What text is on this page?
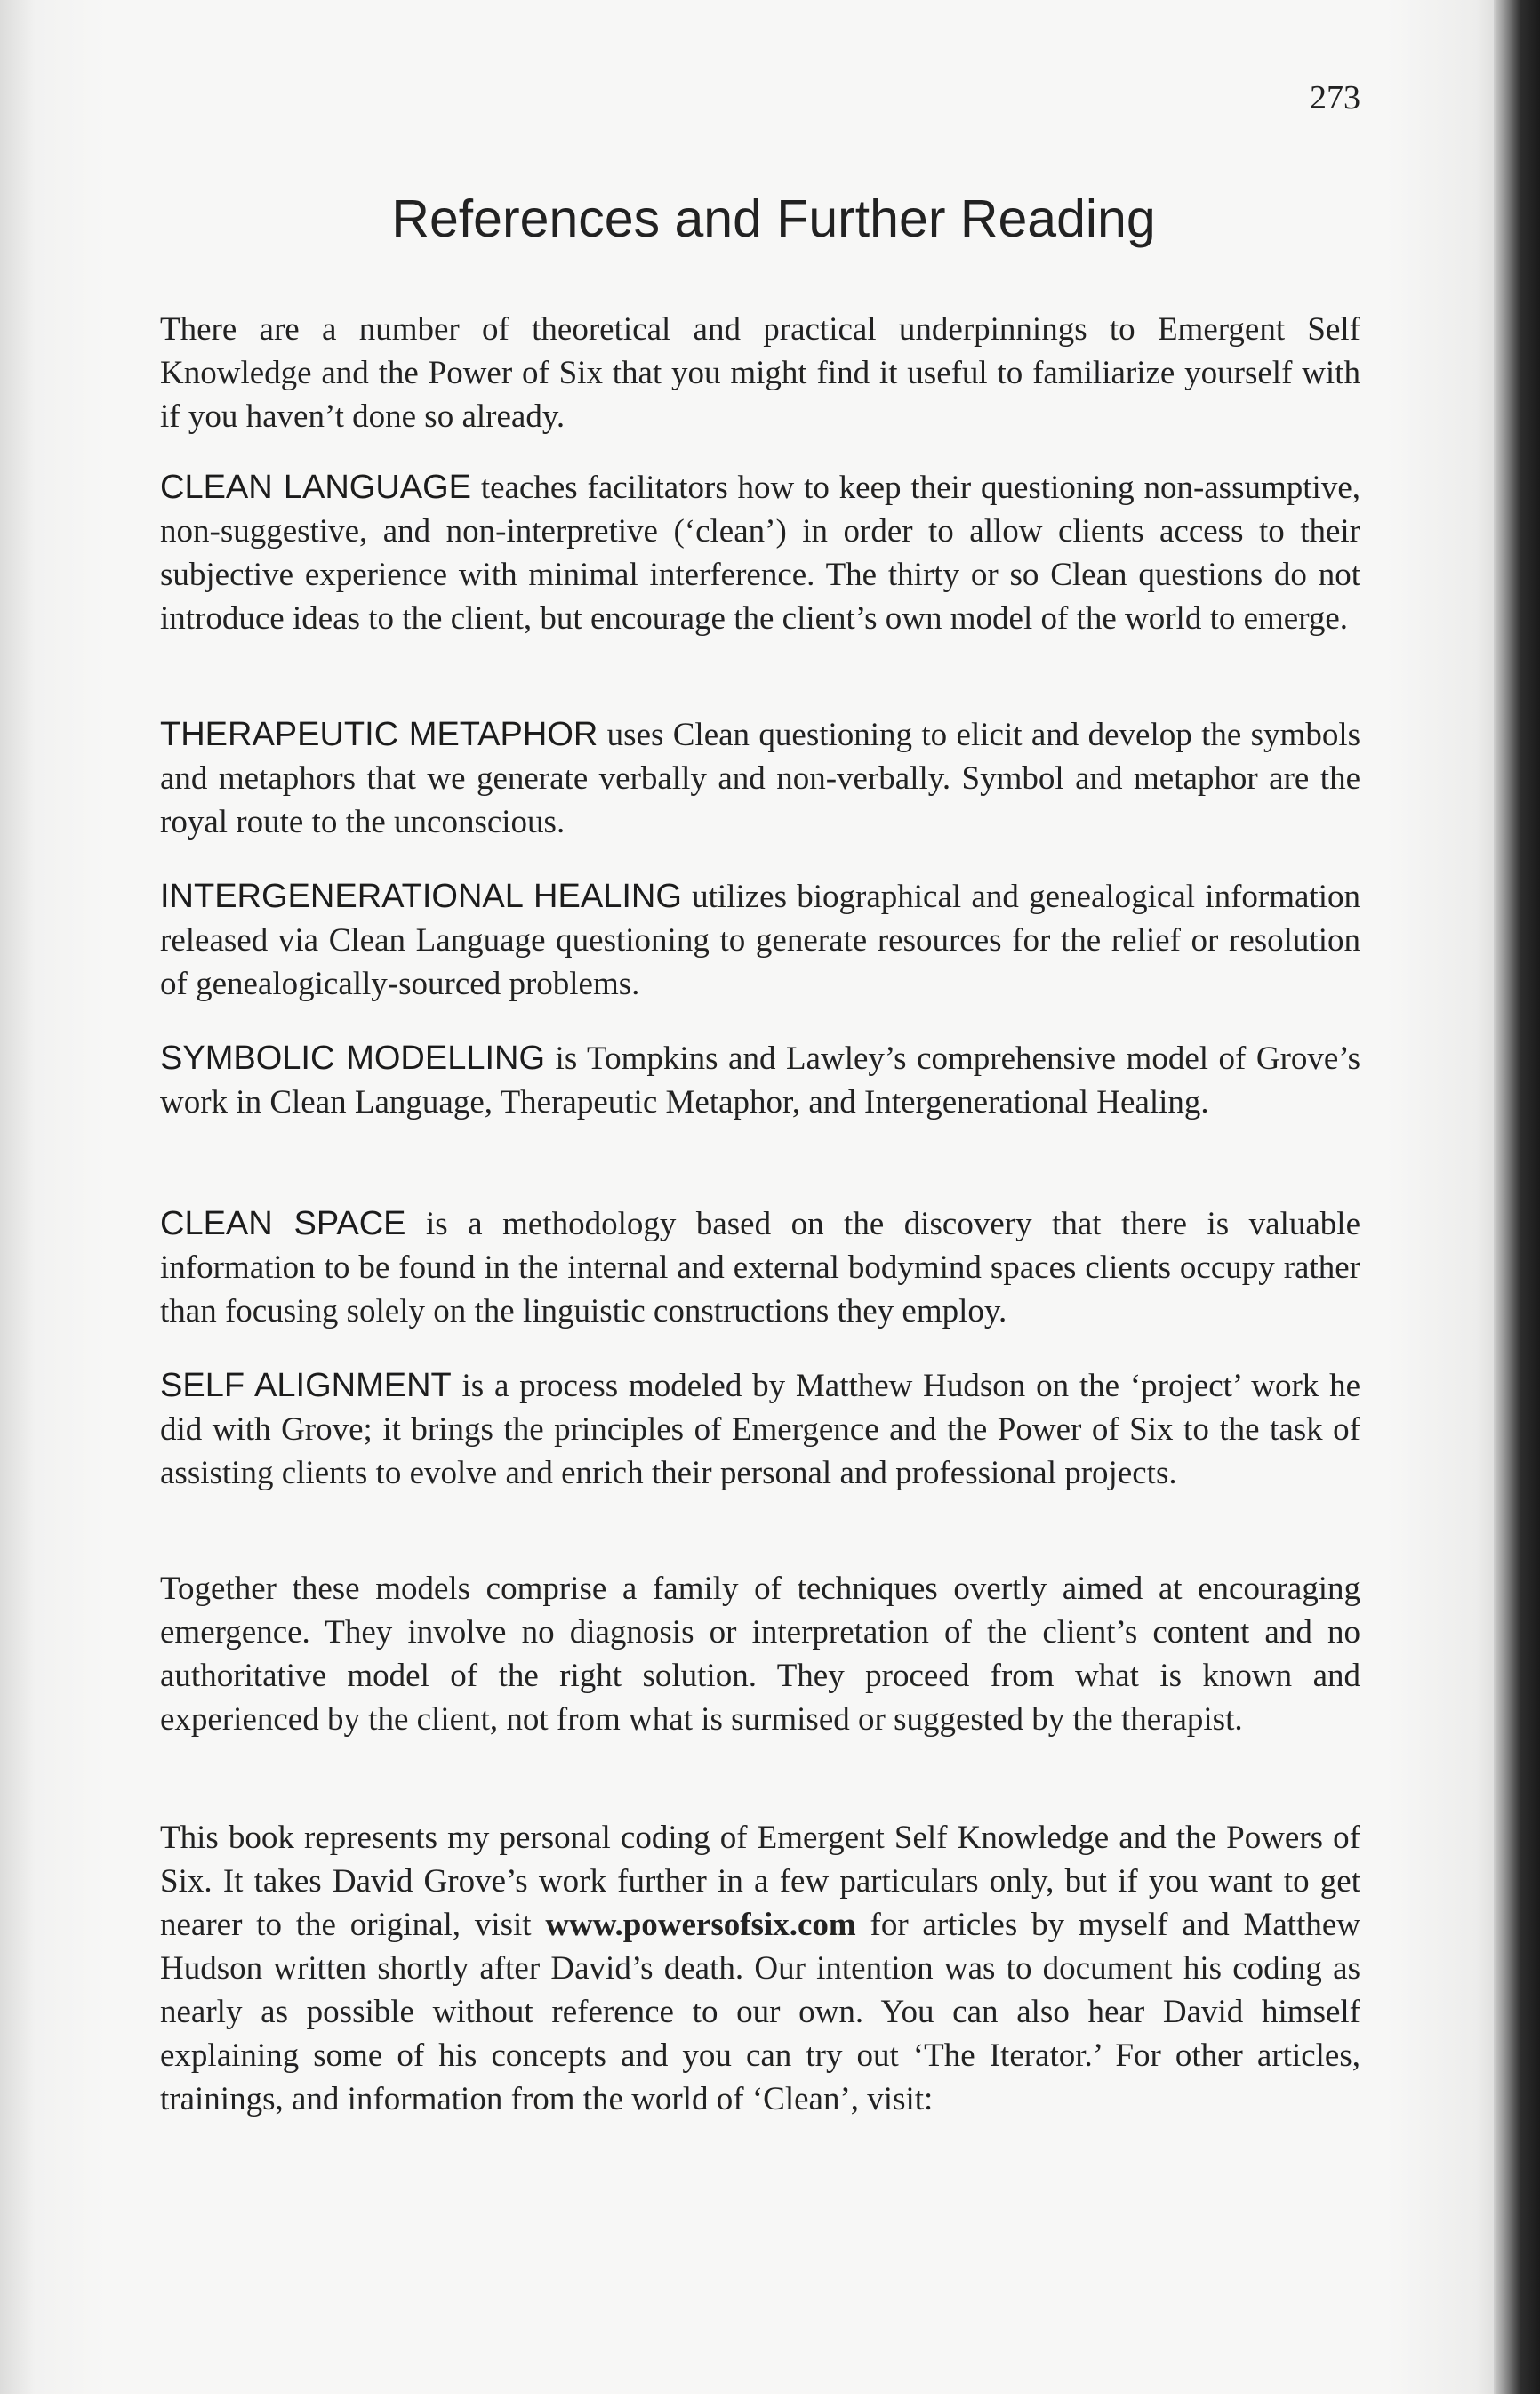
273
References and Further Reading

There are a number of theoretical and practical underpinnings to Emergent Self Knowledge and the Power of Six that you might find it useful to familiarize yourself with if you haven’t done so already.

CLEAN LANGUAGE teaches facilitators how to keep their questioning non-assumptive, non-suggestive, and non-interpretive (‘clean’) in order to allow clients access to their subjective experience with minimal interference. The thirty or so Clean questions do not introduce ideas to the client, but encourage the client’s own model of the world to emerge.

THERAPEUTIC METAPHOR uses Clean questioning to elicit and develop the symbols and metaphors that we generate verbally and non-verbally. Symbol and metaphor are the royal route to the unconscious.

INTERGENERATIONAL HEALING utilizes biographical and genealogical information released via Clean Language questioning to generate resources for the relief or resolution of genealogically-sourced problems.

SYMBOLIC MODELLING is Tompkins and Lawley’s comprehensive model of Grove’s work in Clean Language, Therapeutic Metaphor, and Intergenerational Healing.

CLEAN SPACE is a methodology based on the discovery that there is valuable information to be found in the internal and external bodymind spaces clients occupy rather than focusing solely on the linguistic constructions they employ.

SELF ALIGNMENT is a process modeled by Matthew Hudson on the ‘project’ work he did with Grove; it brings the principles of Emergence and the Power of Six to the task of assisting clients to evolve and enrich their personal and professional projects.

Together these models comprise a family of techniques overtly aimed at encouraging emergence. They involve no diagnosis or interpretation of the client’s content and no authoritative model of the right solution. They proceed from what is known and experienced by the client, not from what is surmised or suggested by the therapist.

This book represents my personal coding of Emergent Self Knowledge and the Powers of Six. It takes David Grove’s work further in a few particulars only, but if you want to get nearer to the original, visit www.powersofsix.com for articles by myself and Matthew Hudson written shortly after David’s death. Our intention was to document his coding as nearly as possible without reference to our own. You can also hear David himself explaining some of his concepts and you can try out ‘The Iterator.’ For other articles, trainings, and information from the world of ‘Clean’, visit:
